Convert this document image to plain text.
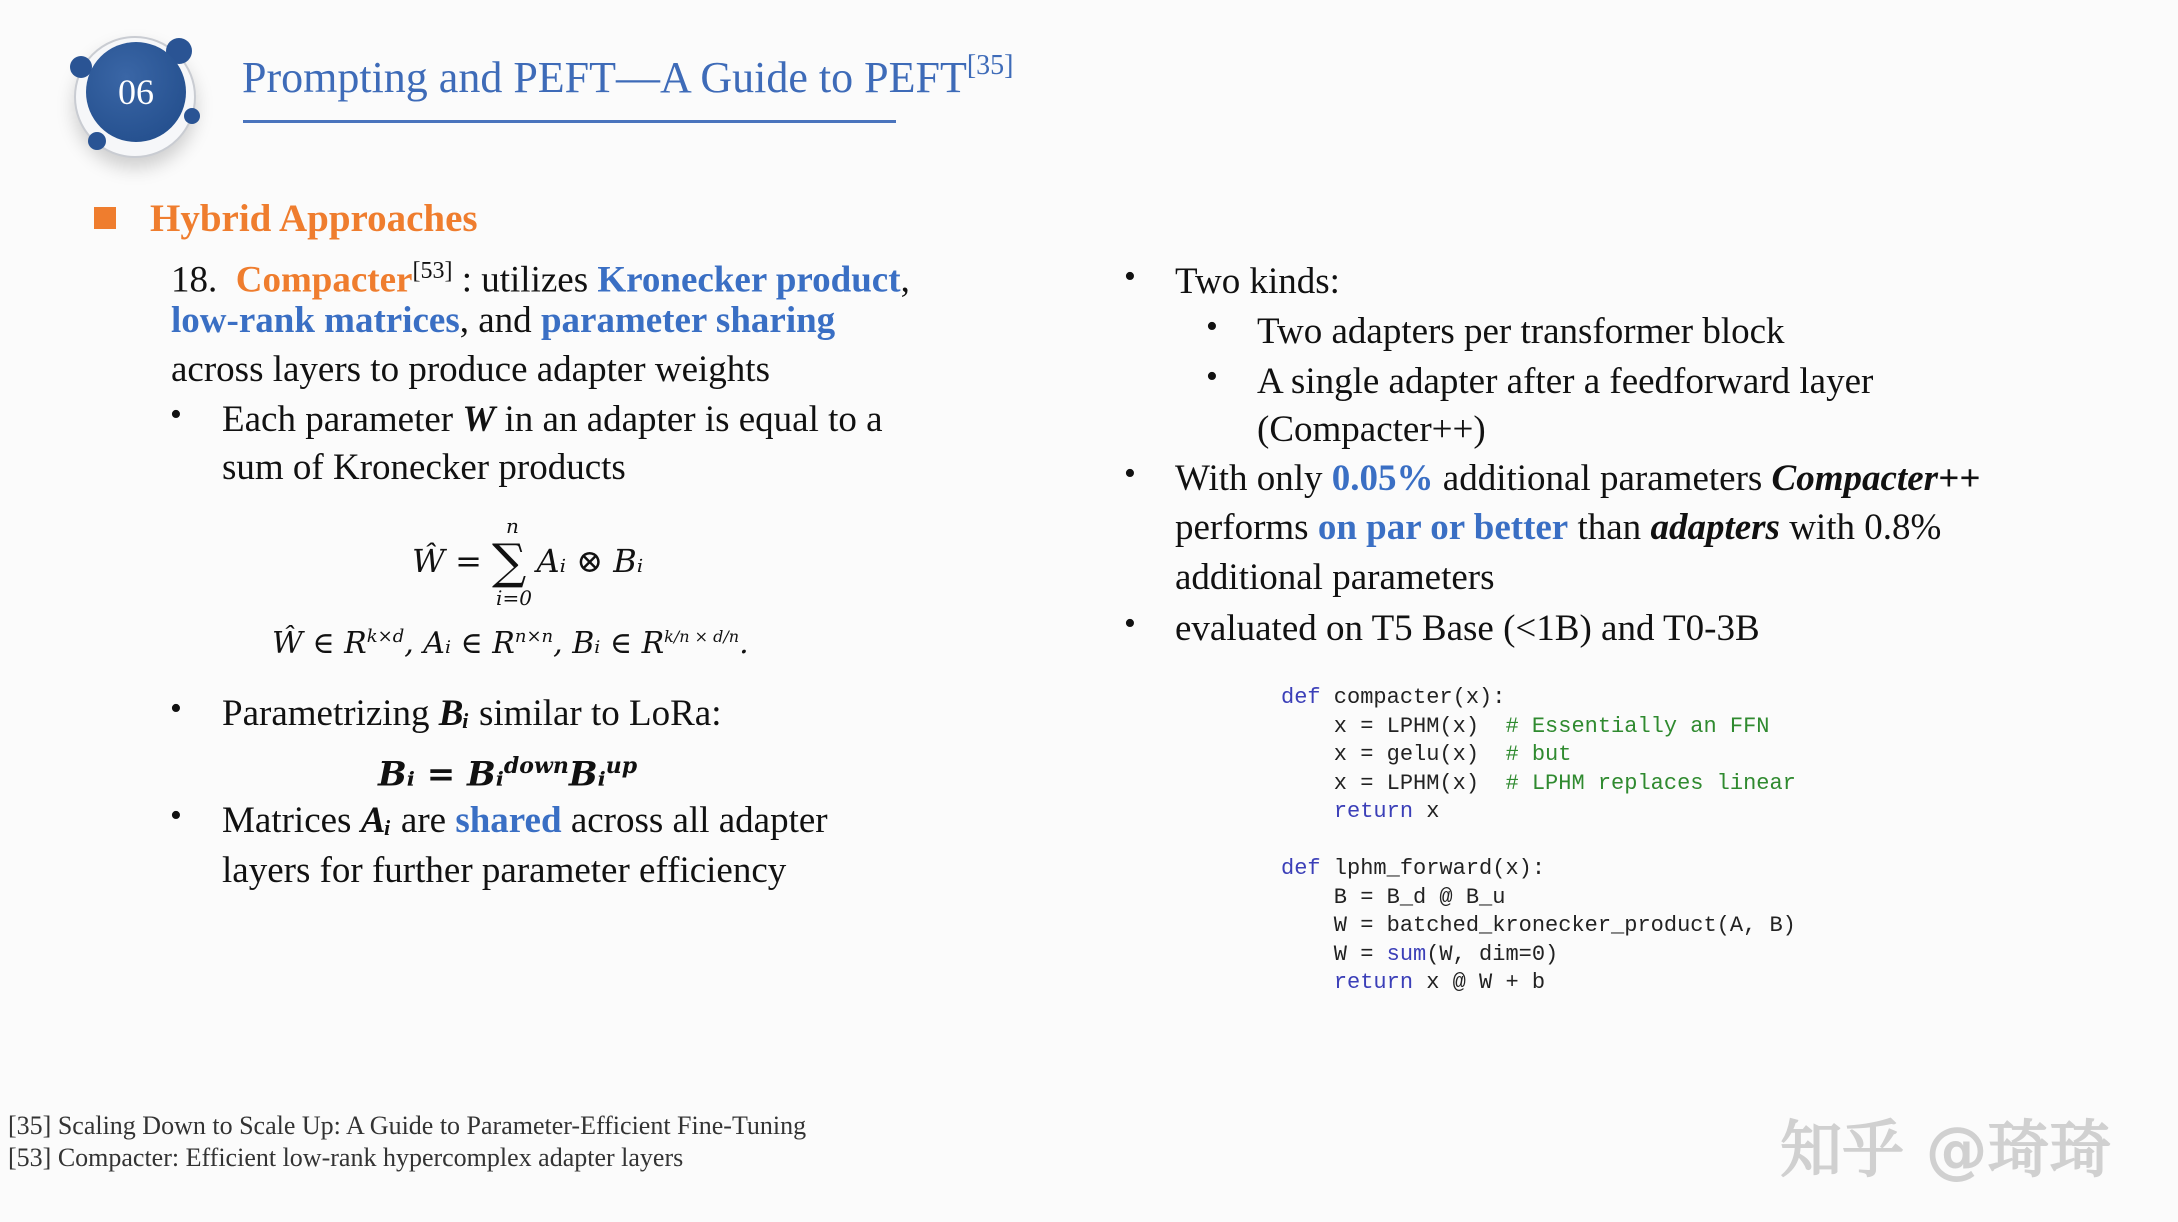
06	Prompting and PEFT—A Guide to PEFT[35]
Hybrid Approaches
18. Compacter[53] : utilizes Kronecker product,
low-rank matrices, and parameter sharing
across layers to produce adapter weights
• Each parameter W in an adapter is equal to a
sum of Kronecker products
Ŵ = ∑
n
i=0
Aᵢ ⊗ Bᵢ
Ŵ ∈ $R^{k\times d}$, Aᵢ ∈ $R^{n\times n}$, Bᵢ ∈ $R^{k/n \times d/n}$.
• Parametrizing Bᵢ similar to LoRa:
Bᵢ = Bᵢ$^{down}$Bᵢ$^{up}$
• Matrices Aᵢ are shared across all adapter
layers for further parameter efficiency
• Two kinds:
• Two adapters per transformer block
• A single adapter after a feedforward layer
(Compacter++)
• With only 0.05% additional parameters Compacter++
performs on par or better than adapters with 0.8%
additional parameters
• evaluated on T5 Base (<1B) and T0-3B
def compacter(x):
x = LPHM(x)  # Essentially an FFN
x = gelu(x)  # but
x = LPHM(x)  # LPHM replaces linear
return x

def lphm_forward(x):
B = B_d @ B_u
W = batched_kronecker_product(A, B)
W = sum(W, dim=0)
return x @ W + b
[35] Scaling Down to Scale Up: A Guide to Parameter-Efficient Fine-Tuning
[53] Compacter: Efficient low-rank hypercomplex adapter layers	知乎 @琦琦
